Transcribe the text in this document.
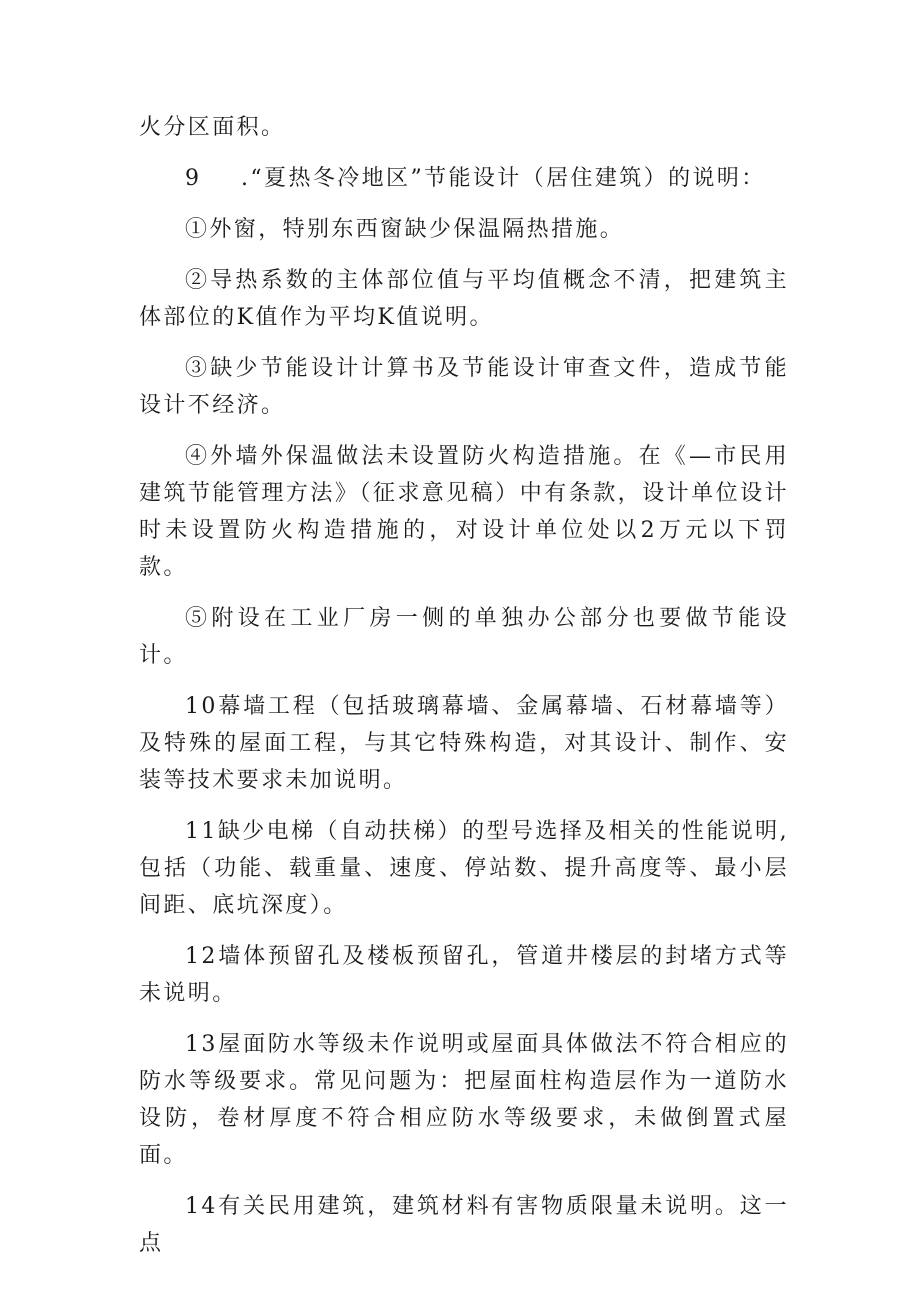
火分区面积。

9 .“夏热冬冷地区”节能设计（居住建筑）的说明：

①外窗，特别东西窗缺少保温隔热措施。

②导热系数的主体部位值与平均值概念不清，把建筑主体部位的K值作为平均K值说明。

③缺少节能设计计算书及节能设计审查文件，造成节能设计不经济。

④外墙外保温做法未设置防火构造措施。在《—市民用建筑节能管理方法》（征求意见稿）中有条款，设计单位设计时未设置防火构造措施的，对设计单位处以2万元以下罚款。

⑤附设在工业厂房一侧的单独办公部分也要做节能设计。

10幕墙工程（包括玻璃幕墙、金属幕墙、石材幕墙等）及特殊的屋面工程，与其它特殊构造，对其设计、制作、安装等技术要求未加说明。

11缺少电梯（自动扶梯）的型号选择及相关的性能说明,包括（功能、载重量、速度、停站数、提升高度等、最小层间距、底坑深度）。

12墙体预留孔及楼板预留孔，管道井楼层的封堵方式等未说明。

13屋面防水等级未作说明或屋面具体做法不符合相应的防水等级要求。常见问题为：把屋面柱构造层作为一道防水设防，卷材厚度不符合相应防水等级要求，未做倒置式屋面。

14有关民用建筑，建筑材料有害物质限量未说明。这一点
